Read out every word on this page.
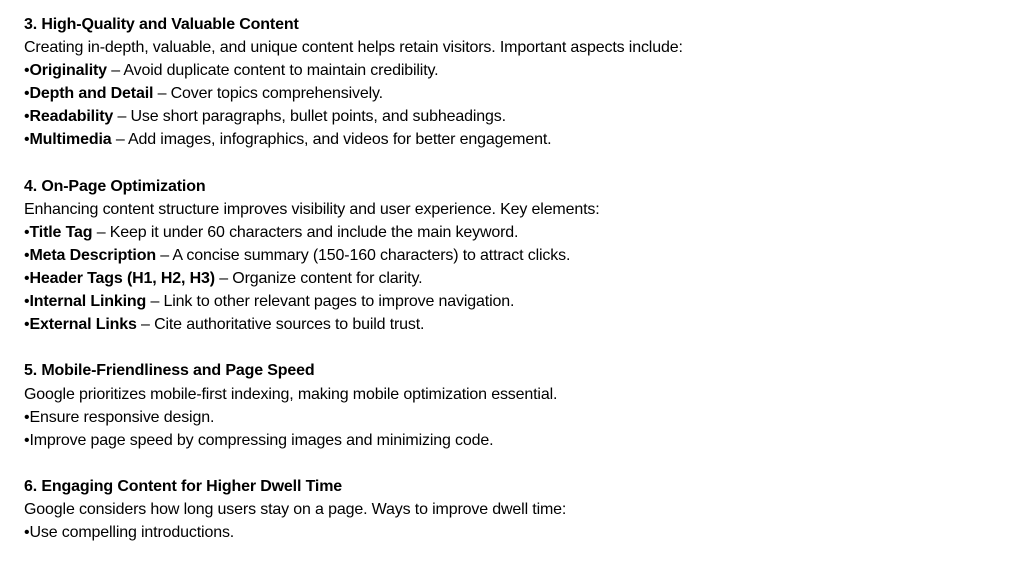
3. High-Quality and Valuable Content

Creating in-depth, valuable, and unique content helps retain visitors. Important aspects include:

•Originality – Avoid duplicate content to maintain credibility.

•Depth and Detail – Cover topics comprehensively.

•Readability – Use short paragraphs, bullet points, and subheadings.

•Multimedia – Add images, infographics, and videos for better engagement.

4. On-Page Optimization

Enhancing content structure improves visibility and user experience. Key elements:

•Title Tag – Keep it under 60 characters and include the main keyword.

•Meta Description – A concise summary (150-160 characters) to attract clicks.

•Header Tags (H1, H2, H3) – Organize content for clarity.

•Internal Linking – Link to other relevant pages to improve navigation.

•External Links – Cite authoritative sources to build trust.

5. Mobile-Friendliness and Page Speed

Google prioritizes mobile-first indexing, making mobile optimization essential.

•Ensure responsive design.

•Improve page speed by compressing images and minimizing code.

6. Engaging Content for Higher Dwell Time

Google considers how long users stay on a page. Ways to improve dwell time:

•Use compelling introductions.
